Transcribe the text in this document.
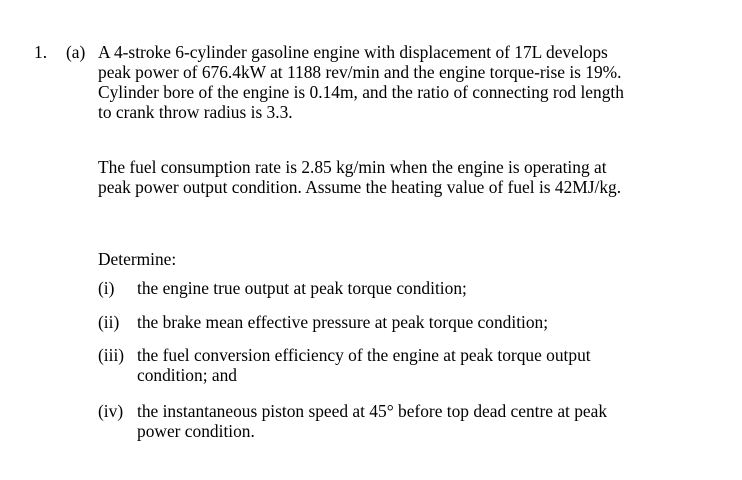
1. (a) A 4-stroke 6-cylinder gasoline engine with displacement of 17L develops
peak power of 676.4kW at 1188 rev/min and the engine torque-rise is 19%.
Cylinder bore of the engine is 0.14m, and the ratio of connecting rod length
to crank throw radius is 3.3.
The fuel consumption rate is 2.85 kg/min when the engine is operating at
peak power output condition. Assume the heating value of fuel is 42MJ/kg.
Determine:
(i) the engine true output at peak torque condition;
(ii) the brake mean effective pressure at peak torque condition;
(iii) the fuel conversion efficiency of the engine at peak torque output
condition; and
(iv) the instantaneous piston speed at 45° before top dead centre at peak
power condition.
